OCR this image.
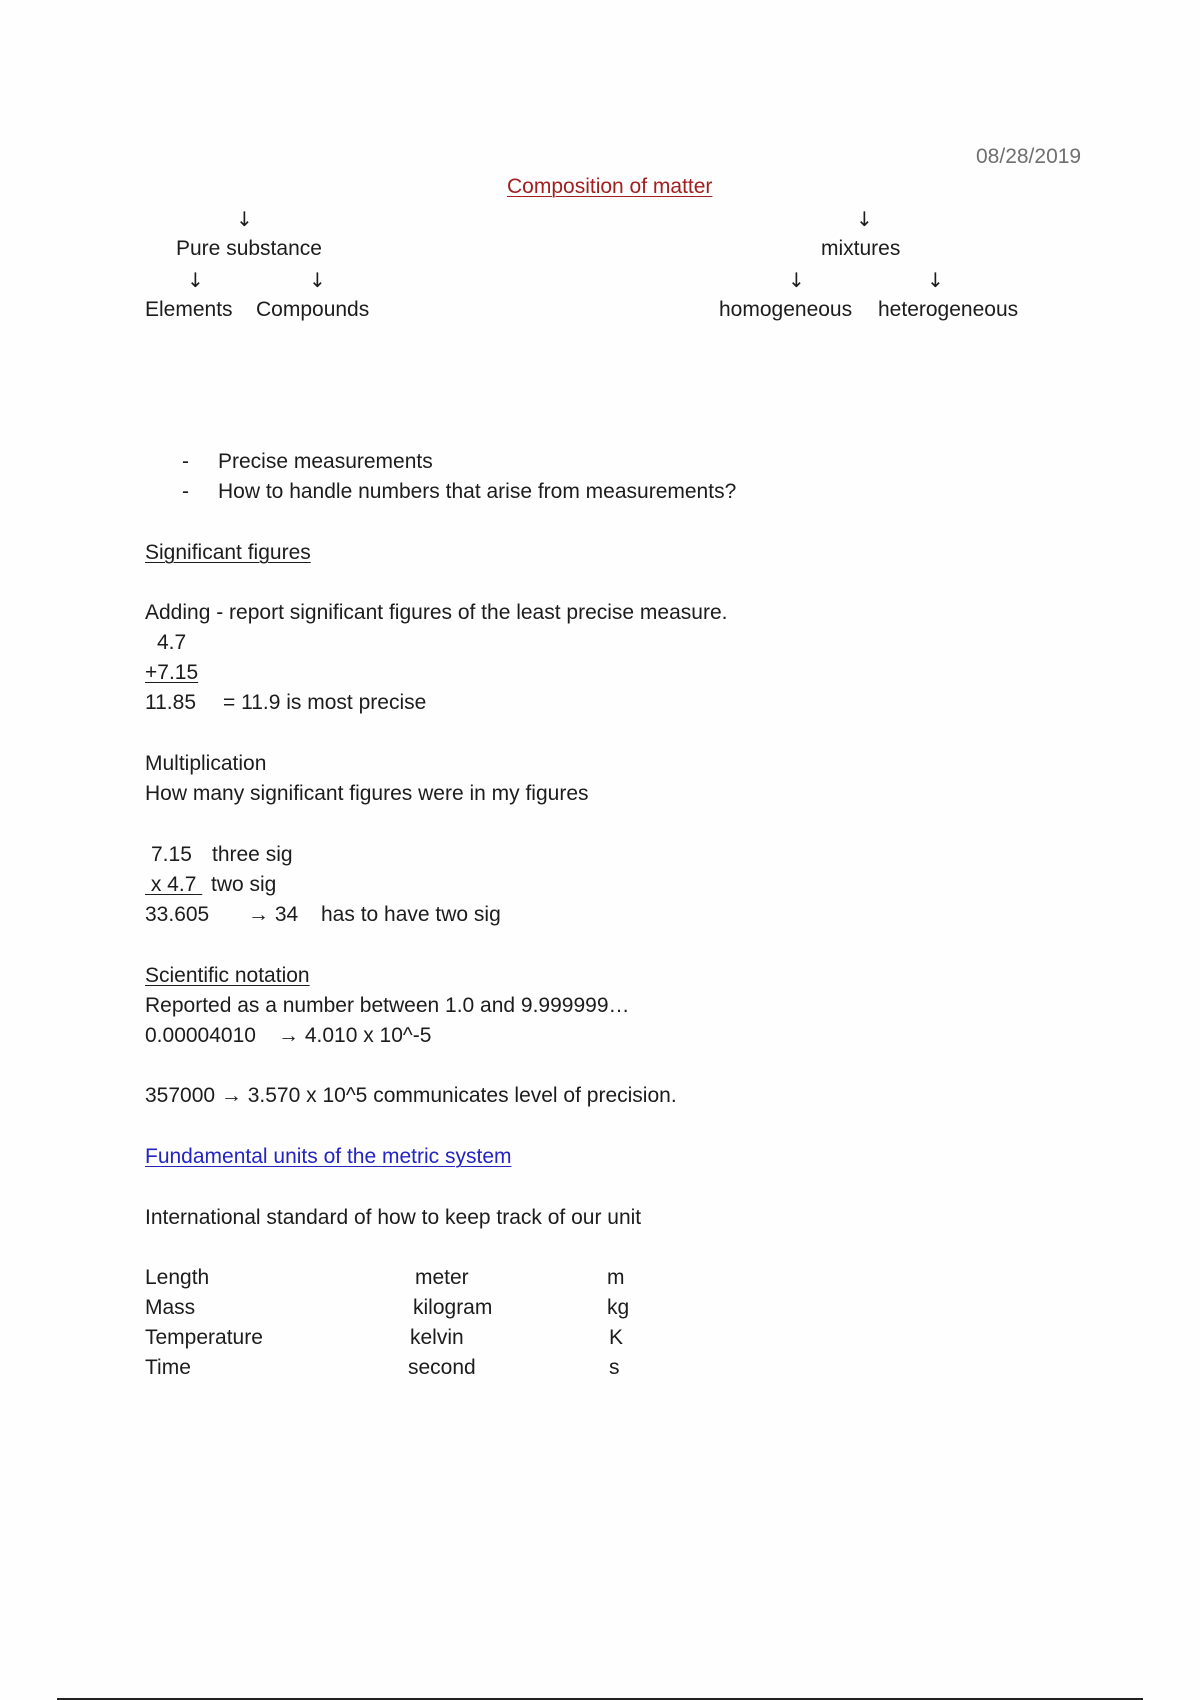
08/28/2019
Composition of matter
↓	↓
Pure substance	mixtures
↓	↓	↓	↓
Elements Compounds	homogeneous heterogeneous
- Precise measurements
- How to handle numbers that arise from measurements?
Significant figures
Adding - report significant figures of the least precise measure.
4.7
+7.15
11.85 = 11.9 is most precise
Multiplication
How many significant figures were in my figures
7.15 three sig
x 4.7 two sig
33.605 → 34 has to have two sig
Scientific notation
Reported as a number between 1.0 and 9.999999…
0.00004010 → 4.010 x 10^-5
357000 → 3.570 x 10^5 communicates level of precision.
Fundamental units of the metric system
International standard of how to keep track of our unit
Length	meter	m
Mass	kilogram	kg
Temperature	kelvin	K
Time	second	s
